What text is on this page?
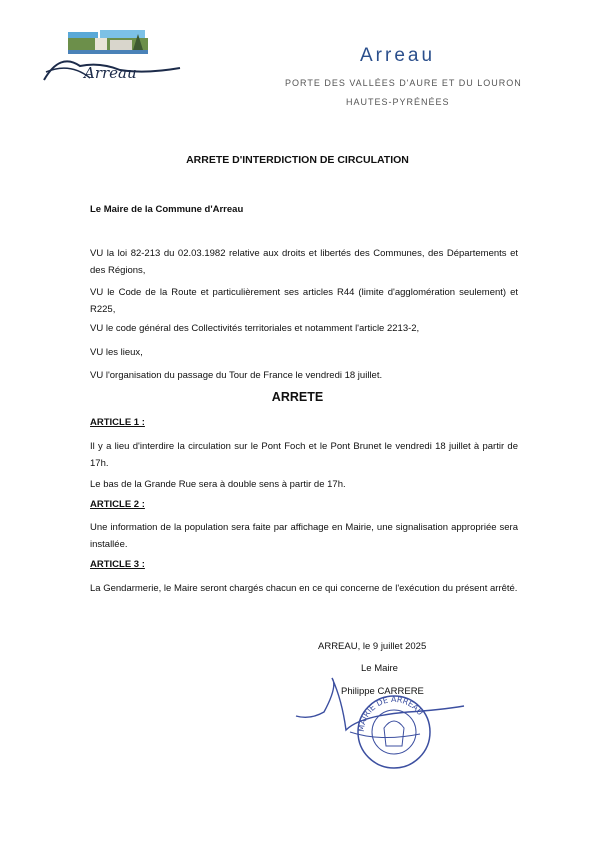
Arreau
Arreau
PORTE DES VALLÉES D'AURE ET DU LOURON
HAUTES-PYRÉNÉES
ARRETE D'INTERDICTION DE CIRCULATION
Le Maire de la Commune d'Arreau
VU la loi 82-213 du 02.03.1982 relative aux droits et libertés des Communes, des Départements et des Régions,
VU le Code de la Route et particulièrement ses articles R44 (limite d'agglomération seulement) et R225,
VU le code général des Collectivités territoriales et notamment l'article 2213-2,
VU les lieux,
VU l'organisation du passage du Tour de France le vendredi 18 juillet.
ARRETE
ARTICLE 1 :
Il y a lieu d'interdire la circulation sur le Pont Foch et le Pont Brunet le vendredi 18 juillet à partir de 17h.
Le bas de la Grande Rue sera à double sens à partir de 17h.
ARTICLE 2 :
Une information de la population sera faite par affichage en Mairie, une signalisation appropriée sera installée.
ARTICLE 3 :
La Gendarmerie, le Maire seront chargés chacun en ce qui concerne de l'exécution du présent arrêté.
MAIRIE DE ARREAU
ARREAU, le 9 juillet 2025
Le Maire
Philippe CARRERE
